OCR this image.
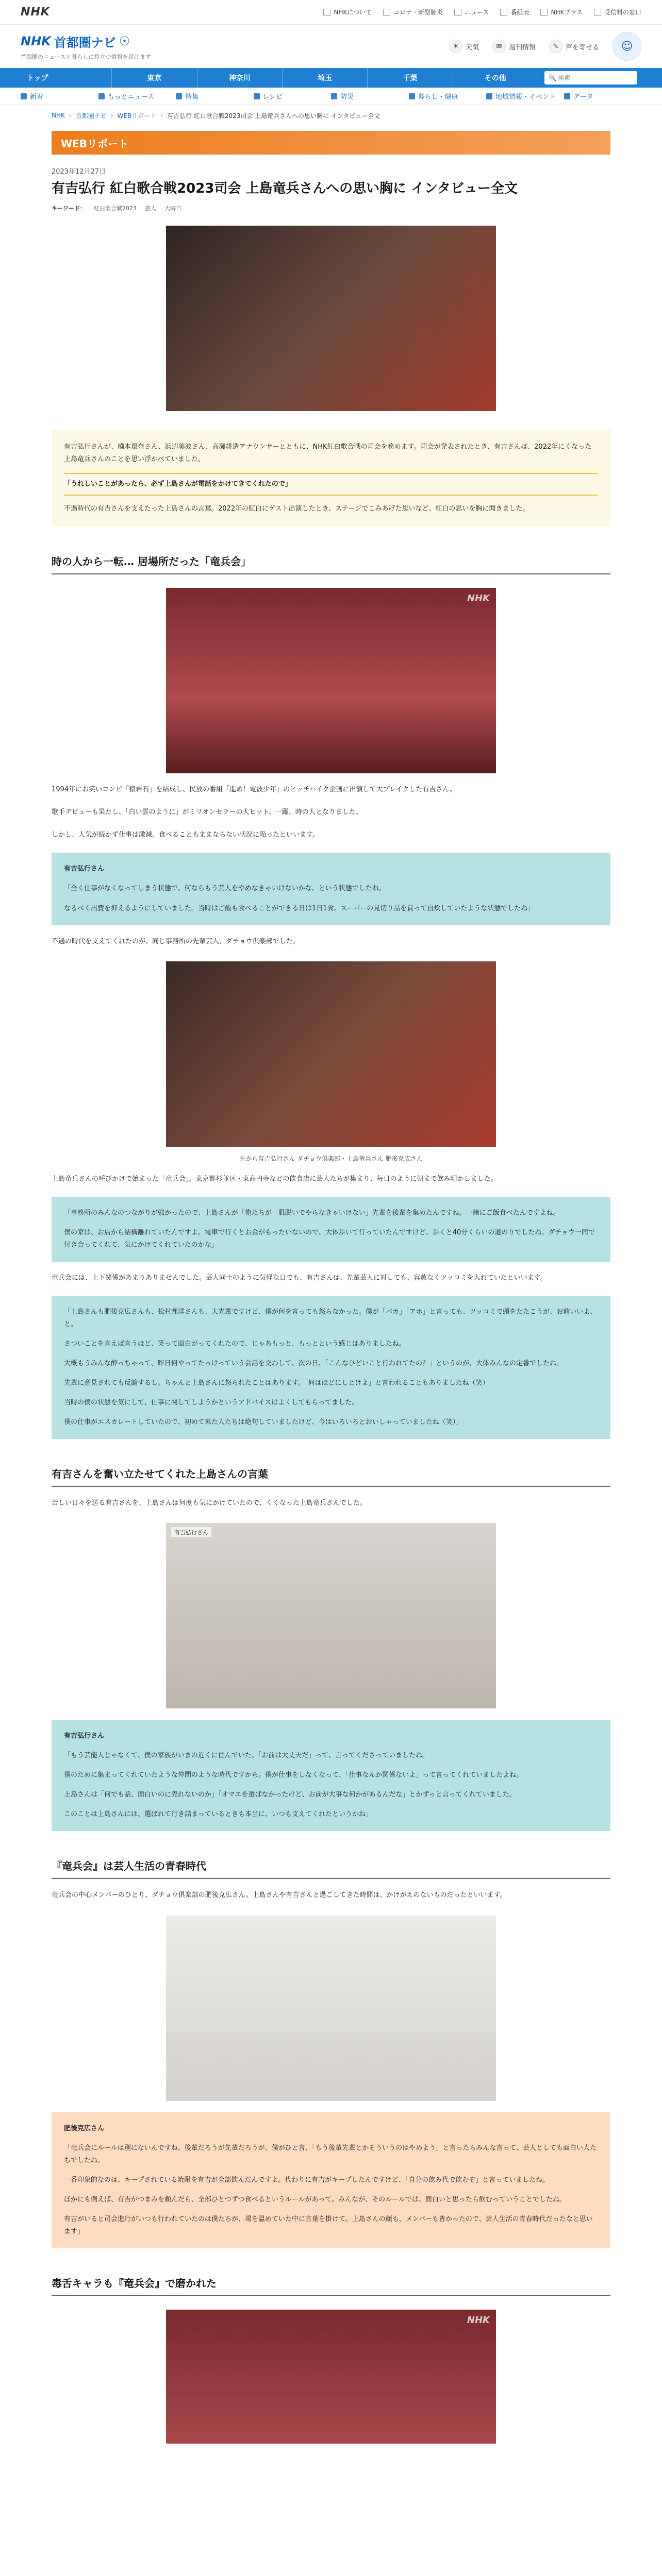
NHK	NHKについて	コロナ・新型肺炎	ニュース	番組表	NHKプラス	受信料の窓口
NHK 首都圏ナビ ☉
首都圏のニュースと暮らしに役立つ情報を届けます
☀	天気	✉	週刊情報	✎	声を寄せる	☺
トップ	東京	神奈川	埼玉	千葉	その他	🔍
検索
新着	もっとニュース	特集	レシピ	防災	暮らし・健康	地域情報・イベント	データ
NHK › 首都圏ナビ › WEBリポート › 有吉弘行 紅白歌合戦2023司会 上島竜兵さんへの思い胸に インタビュー全文
WEBリポート
2023年12月27日
有吉弘行 紅白歌合戦2023司会 上島竜兵さんへの思い胸に インタビュー全文
キーワード： 紅白歌合戦2023 芸人 大晦日

有吉弘行さんが、橋本環奈さん、浜辺美波さん、高瀬耕造アナウンサーとともに、NHK紅白歌合戦の司会を務めます。司会が発表されたとき、有吉さんは、2022年にくなった上島竜兵さんのことを思い浮かべていました。

「うれしいことがあったら、必ず上島さんが電話をかけてきてくれたので」

不遇時代の有吉さんを支えたった上島さんの言葉。2022年の紅白にゲスト出演したとき、ステージでこみあげた思いなど、紅白の思いを胸に聞きました。

時の人から一転… 居場所だった「竜兵会」
NHK

1994年にお笑いコンビ「猿岩石」を結成し、民放の番組「進め！電波少年」のヒッチハイク企画に出演して大ブレイクした有吉さん。

歌手デビューも果たし、「白い雲のように」がミリオンセラーの大ヒット。一躍、時の人となりました。

しかし、人気が続かず仕事は激減。食べることもままならない状況に陥ったといいます。

有吉弘行さん

「全く仕事がなくなってしまう状態で、何ならもう芸人をやめなきゃいけないかな、という状態でしたね。

なるべく出費を抑えるようにしていました。当時はご飯も食べることができる日は1日1食。スーパーの見切り品を買って自炊していたような状態でしたね」

不遇の時代を支えてくれたのが、同じ事務所の先輩芸人、ダチョウ倶楽部でした。

左から有吉弘行さん ダチョウ倶楽部・上島竜兵さん 肥後克広さん

上島竜兵さんの呼びかけで始まった「竜兵会」。東京都杉並区・東高円寺などの飲食店に芸人たちが集まり、毎日のように朝まで飲み明かしました。

「事務所のみんなのつながりが強かったので、上島さんが「俺たちが一肌脱いでやらなきゃいけない」先輩を後輩を集めたんですね。一緒にご飯食べたんですよね。

僕の家は、お店から結構離れていたんですよ。電車で行くとお金がもったいないので、大体歩いて行っていたんですけど、歩くと40分くらいの道のりでしたね。ダチョウ一同で付き合ってくれて、気にかけてくれていたのかな」

竜兵会には、上下関係があまりありませんでした。芸人同士のように気軽な日でも、有吉さんは、先輩芸人に対しても、容赦なくツッコミを入れていたといいます。

「上島さんも肥後克広さんも、松村邦洋さんも、大先輩ですけど、僕が何を言っても怒らなかった。僕が「バカ」「アホ」と言っても、ツッコミで頭をたたこうが、お前いいよ、と。

さついことを言えば言うほど、笑って面白がってくれたので、じゃあもっと、もっとという感じはありましたね。

大概もうみんな酔っちゃって、昨日何やってたっけっていう会話を交わして、次の日、「こんなひどいこと行われてたの？」というのが、大体みんなの定番でしたね。

先輩に意見されても反論するし。ちゃんと上島さんに怒られたことはあります。「何はほどにしとけよ」と言われることもありましたね（笑）

当時の僕の状態を気にして、仕事に関してしようかというアドバイスはよくしてもらってました。

僕の仕事がエスカレートしていたので、初めて来た人たちは絶句していましたけど、今はいろいろとおいしゃっていましたね（笑）」

有吉さんを奮い立たせてくれた上島さんの言葉

苦しい日々を送る有吉さんを、上島さんは何度も気にかけていたので、くくなった上島竜兵さんでした。

有吉弘行さん

有吉弘行さん

「もう芸能人じゃなくて、僕の家族がいまの近くに住んでいた。「お前は大丈夫だ」って、言ってくださっていましたね。

僕のために集まってくれていたような仲間のような時代ですから。僕が仕事をしなくなって、「仕事なんか関係ないよ」って言ってくれていましたよね。

上島さんは「何でも話、面白いのに売れないのか」「オマエを選ばなかったけど、お前が大事な何かがあるんだな」とかずっと言ってくれていました。

このことは上島さんには、選ばれて行き詰まっているときも本当に、いつも支えてくれたというかね」

『竜兵会』は芸人生活の青春時代

竜兵会の中心メンバーのひとり、ダチョウ倶楽部の肥後克広さん。上島さんや有吉さんと過ごしてきた時間は、かけがえのないものだったといいます。

肥後克広さん

「竜兵会にルールは別にないんですね。後輩だろうが先輩だろうが、僕がひと言、「もう後輩先輩とかそういうのはやめよう」と言ったらみんな言って、芸人としても面白い人たちでしたね。

一番印象的なのは、キープされている焼酎を有吉が全部飲んだんですよ。代わりに有吉がキープしたんですけど、「自分の飲み代で飲むぞ」と言っていましたね。

ほかにも例えば、有吉がつまみを頼んだら、全部ひとつずつ食べるというルールがあって。みんなが、そのルールでは、面白いと思ったら飲むっていうことでしたね。

有吉がいると司会進行がいつも行われていたのは僕たちが、場を温めていた中に言葉を掛けて。上島さんの顔も、メンバーも皆かったので、芸人生活の青春時代だったなと思います」

毒舌キャラも『竜兵会』で磨かれた
NHK
